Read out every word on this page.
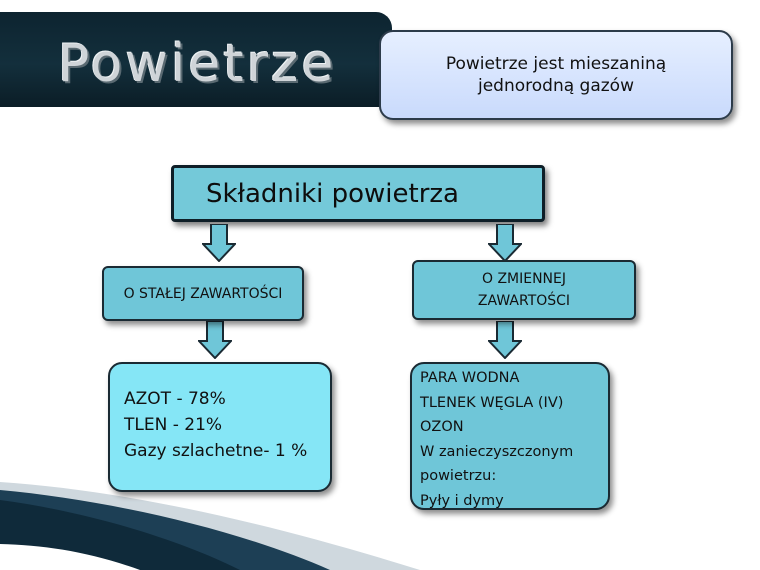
Powietrze	Powietrze jest mieszaniną
jednorodną gazów
Składniki powietrza
O STAŁEJ ZAWARTOŚCI
O ZMIENNEJ
ZAWARTOŚCI
AZOT - 78%
TLEN - 21%
Gazy szlachetne- 1 %
PARA WODNA
TLENEK WĘGLA (IV)
OZON
W zanieczyszczonym
powietrzu:
Pyły i dymy
